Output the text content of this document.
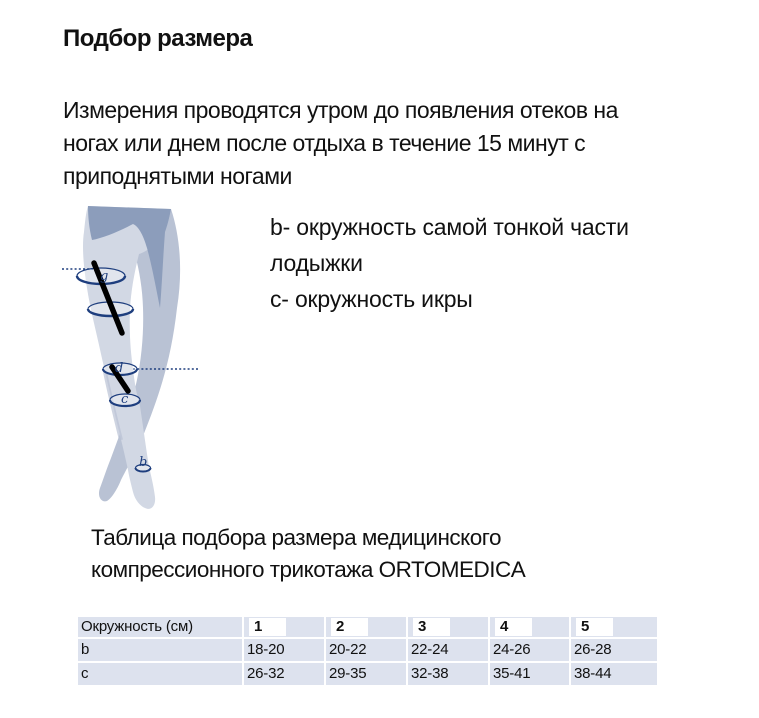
Подбор размера
Измерения проводятся утром до появления отеков на
ногах или днем после отдыха в течение 15 минут с
приподнятыми ногами
g
d
c
b
b- окружность самой тонкой части
лодыжки
c- окружность икры
Таблица подбора размера медицинского
компрессионного трикотажа ORTOMEDICA
Окружность (см)	1	2	3	4	5
b	18-20	20-22	22-24	24-26	26-28
c	26-32	29-35	32-38	35-41	38-44
